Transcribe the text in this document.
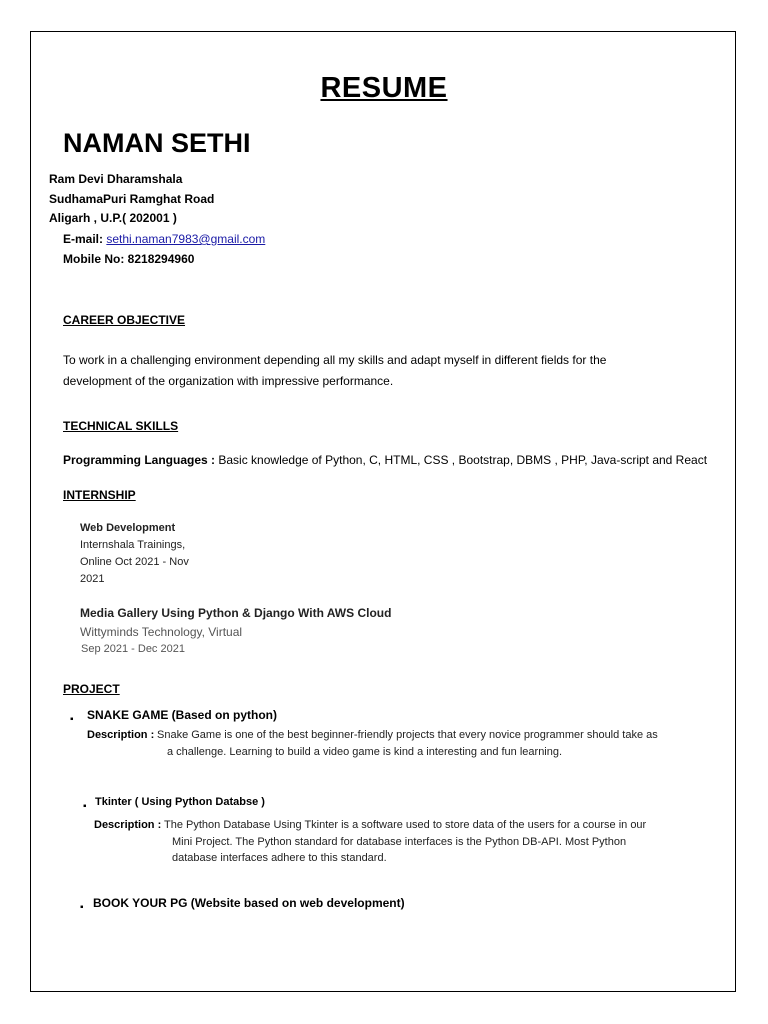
RESUME
NAMAN SETHI
Ram Devi Dharamshala
SudhamaPuri Ramghat Road
Aligarh , U.P.( 202001 )
E-mail: sethi.naman7983@gmail.com
Mobile No: 8218294960
CAREER OBJECTIVE
To work in a challenging environment depending all my skills and adapt myself in different fields for the
development of the organization with impressive performance.
TECHNICAL SKILLS
Programming Languages : Basic knowledge of Python, C, HTML, CSS , Bootstrap, DBMS , PHP, Java-script and React
INTERNSHIP
Web Development
Internshala Trainings,
Online Oct 2021 - Nov
2021
Media Gallery Using Python & Django With AWS Cloud
Wittyminds Technology, Virtual
Sep 2021 - Dec 2021
PROJECT
▪ SNAKE GAME (Based on python)
Description : Snake Game is one of the best beginner-friendly projects that every novice programmer should take as
a challenge. Learning to build a video game is kind a interesting and fun learning.
▪ Tkinter ( Using Python Databse )
Description : The Python Database Using Tkinter is a software used to store data of the users for a course in our
Mini Project. The Python standard for database interfaces is the Python DB-API. Most Python
database interfaces adhere to this standard.
▪ BOOK YOUR PG (Website based on web development)
